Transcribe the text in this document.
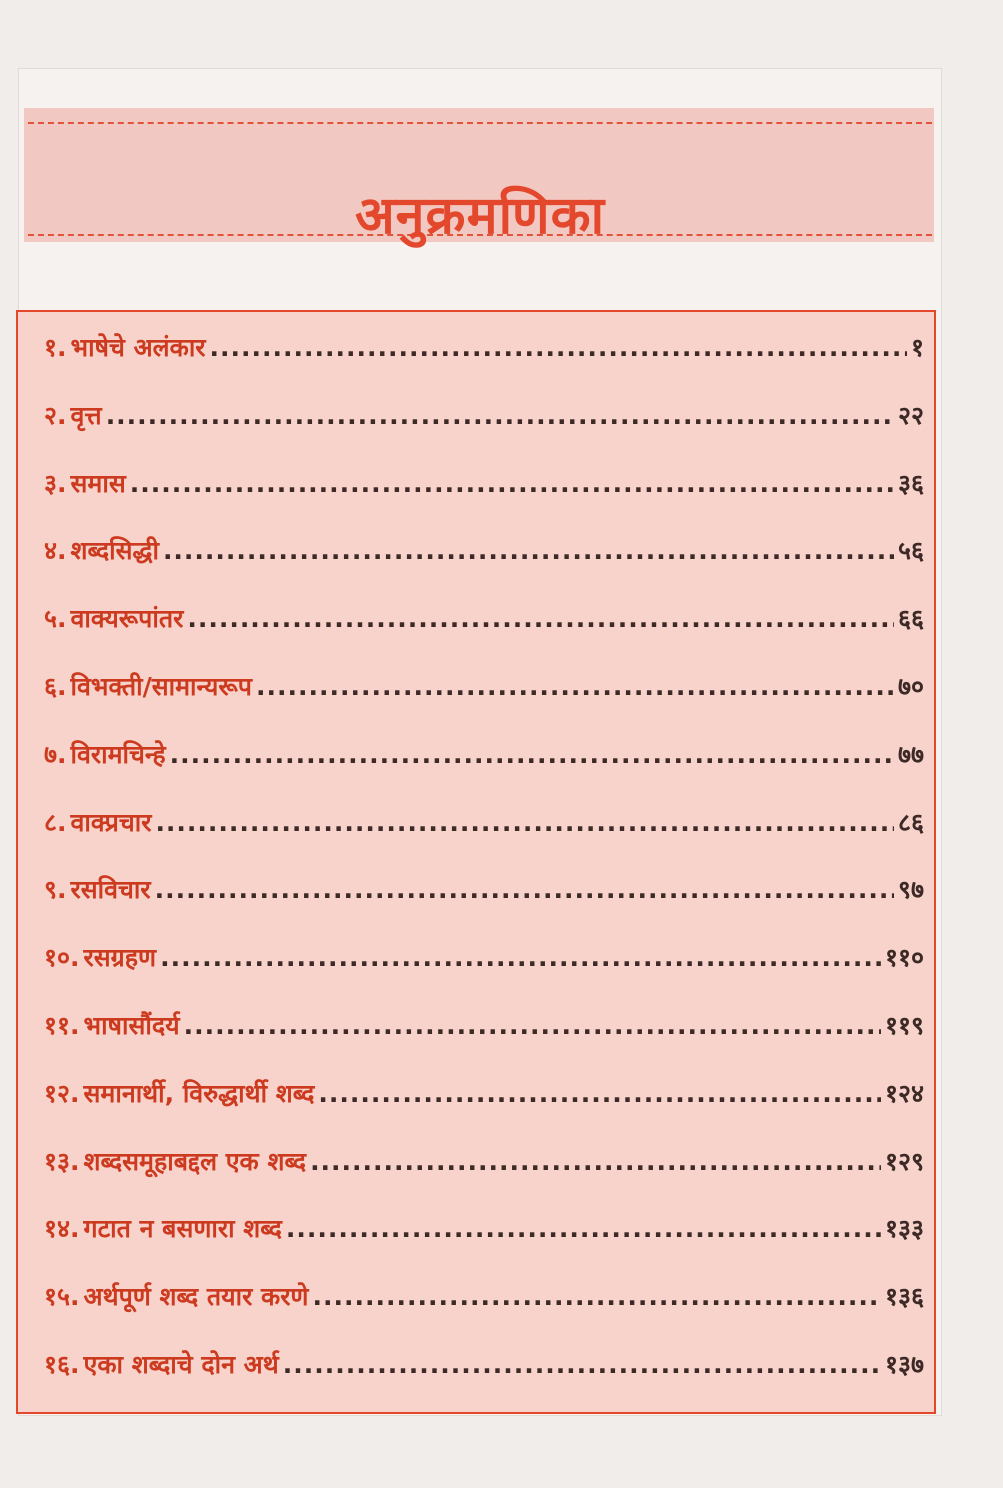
अनुक्रमणिका
१. भाषेचे अलंकार .....	१
२. वृत्त .....	२२
३. समास .....	३६
४. शब्दसिद्धी .....	५६
५. वाक्यरूपांतर .....	६६
६. विभक्ती/सामान्यरूप .....	७०
७. विरामचिन्हे .....	७७
८. वाक्प्रचार .....	८६
९. रसविचार .....	९७
१०. रसग्रहण .....	११०
११. भाषासौंदर्य .....	११९
१२. समानार्थी, विरुद्धार्थी शब्द .....	१२४
१३. शब्दसमूहाबद्दल एक शब्द .....	१२९
१४. गटात न बसणारा शब्द .....	१३३
१५. अर्थपूर्ण शब्द तयार करणे .....	१३६
१६. एका शब्दाचे दोन अर्थ .....	१३७
